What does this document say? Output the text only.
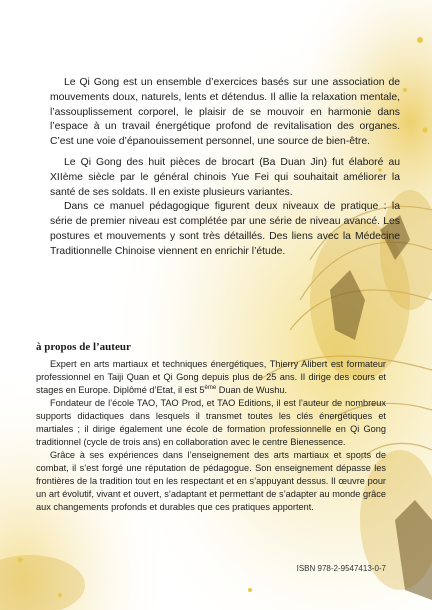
Le Qi Gong est un ensemble d’exercices basés sur une association de mouvements doux, naturels, lents et détendus. Il allie la relaxation mentale, l’assouplissement corporel, le plaisir de se mouvoir en harmonie dans l’espace à un travail énergétique profond de revitalisation des organes. C’est une voie d’épanouissement personnel, une source de bien-être.

Le Qi Gong des huit pièces de brocart (Ba Duan Jin) fut élaboré au XIIème siècle par le général chinois Yue Fei qui souhaitait améliorer la santé de ses soldats. Il en existe plusieurs variantes.

Dans ce manuel pédagogique figurent deux niveaux de pratique : la série de premier niveau est complétée par une série de niveau avancé. Les postures et mouvements y sont très détaillés. Des liens avec la Médecine Traditionnelle Chinoise viennent en enrichir l’étude.

à propos de l’auteur

Expert en arts martiaux et techniques énergétiques, Thierry Alibert est formateur professionnel en Taiji Quan et Qi Gong depuis plus de 25 ans. Il dirige des cours et stages en Europe. Diplômé d’Etat, il est 5ème Duan de Wushu.

Fondateur de l’école TAO, TAO Prod, et TAO Editions, il est l’auteur de nombreux supports didactiques dans lesquels il transmet toutes les clés énergétiques et martiales ; il dirige également une école de formation professionnelle en Qi Gong traditionnel (cycle de trois ans) en collaboration avec le centre Bienessence.

Grâce à ses expériences dans l’enseignement des arts martiaux et sports de combat, il s’est forgé une réputation de pédagogue. Son enseignement dépasse les frontières de la tradition tout en les respectant et en s’appuyant dessus. Il œuvre pour un art évolutif, vivant et ouvert, s’adaptant et permettant de s’adapter au monde grâce aux changements profonds et durables que ces pratiques apportent.

ISBN 978-2-9547413-0-7
